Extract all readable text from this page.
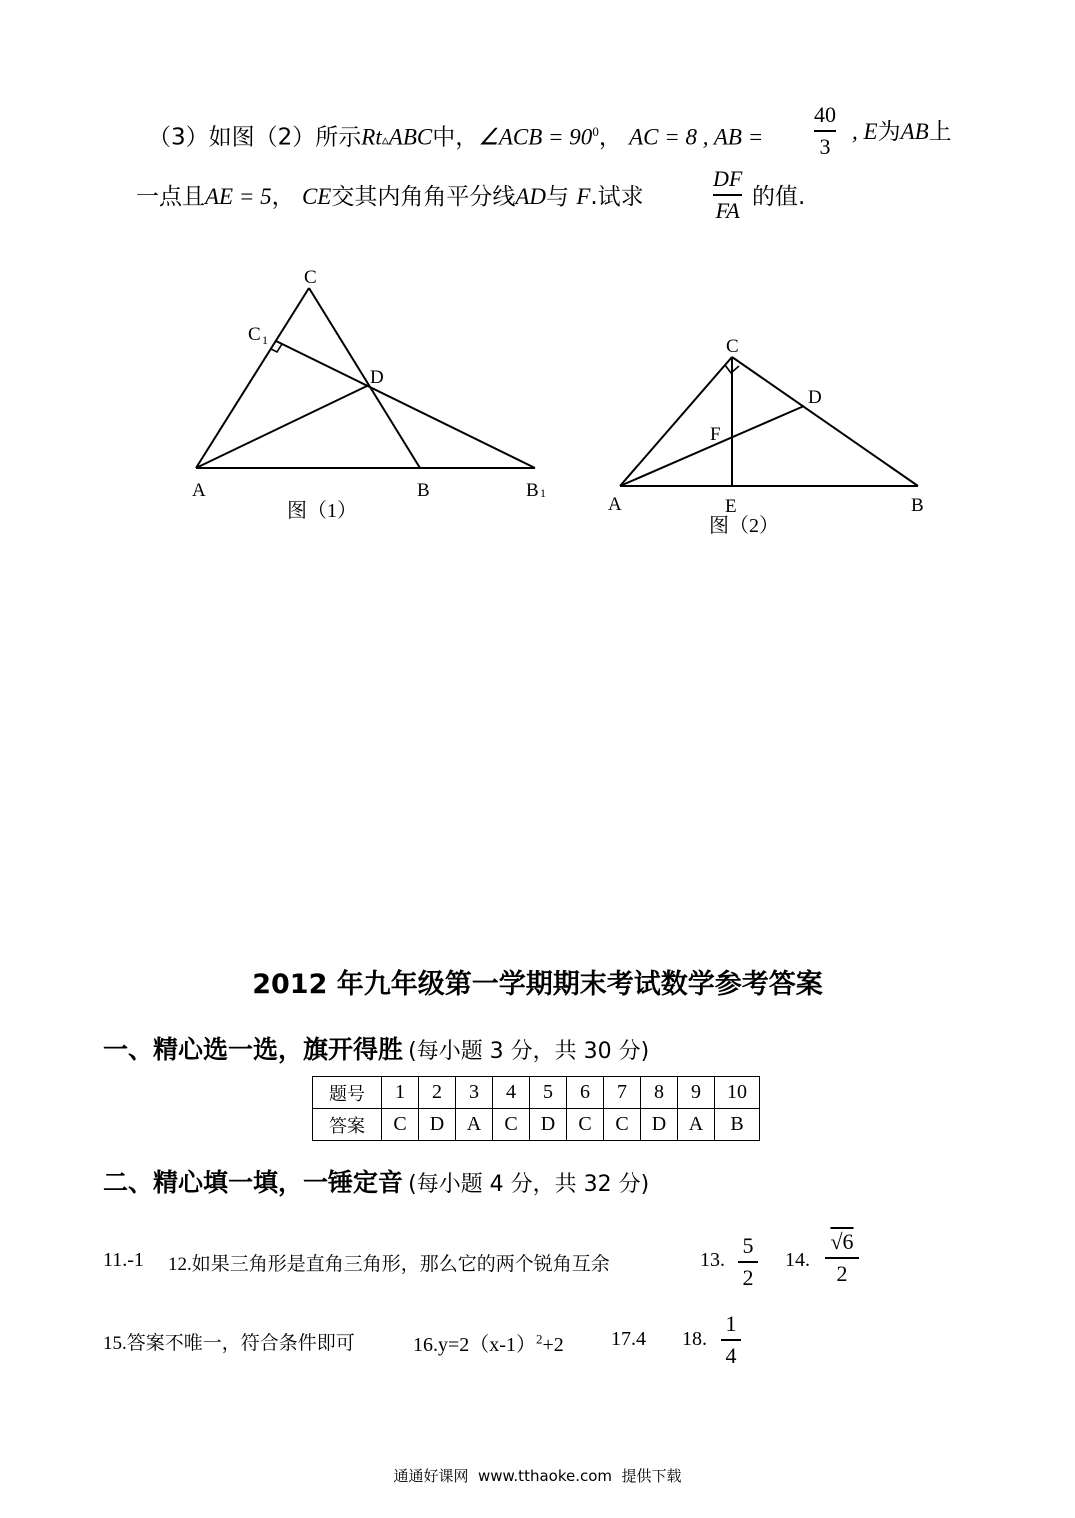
（3）如图（2）所示Rt▵ABC中，∠ACB = $90^0$， AC = 8 , AB =
40
3
, E为AB上
一点且AE = 5， CE交其内角角平分线AD与 F.试求
DF
FA 的值.
C
C 1
D
A	B	B 1
图（1）
C
D
F
A	E	B
图（2）
2012 年九年级第一学期期末考试数学参考答案
一、精心选一选，旗开得胜 (每小题 3 分，共 30 分)
题号	1	2	3	4	5	6	7	8	9	10
答案	C	D	A	C	D	C	C	D	A	B
二、精心填一填，一锤定音 (每小题 4 分，共 32 分)
11.-1 12.如果三角形是直角三角形，那么它的两个锐角互余	13.
5
2
14.
√6
2
15.答案不唯一，符合条件即可	$16.y=2(x-1)^2+2$ 17.4 18.
1
4
通通好课网  www.tthaoke.com  提供下载
